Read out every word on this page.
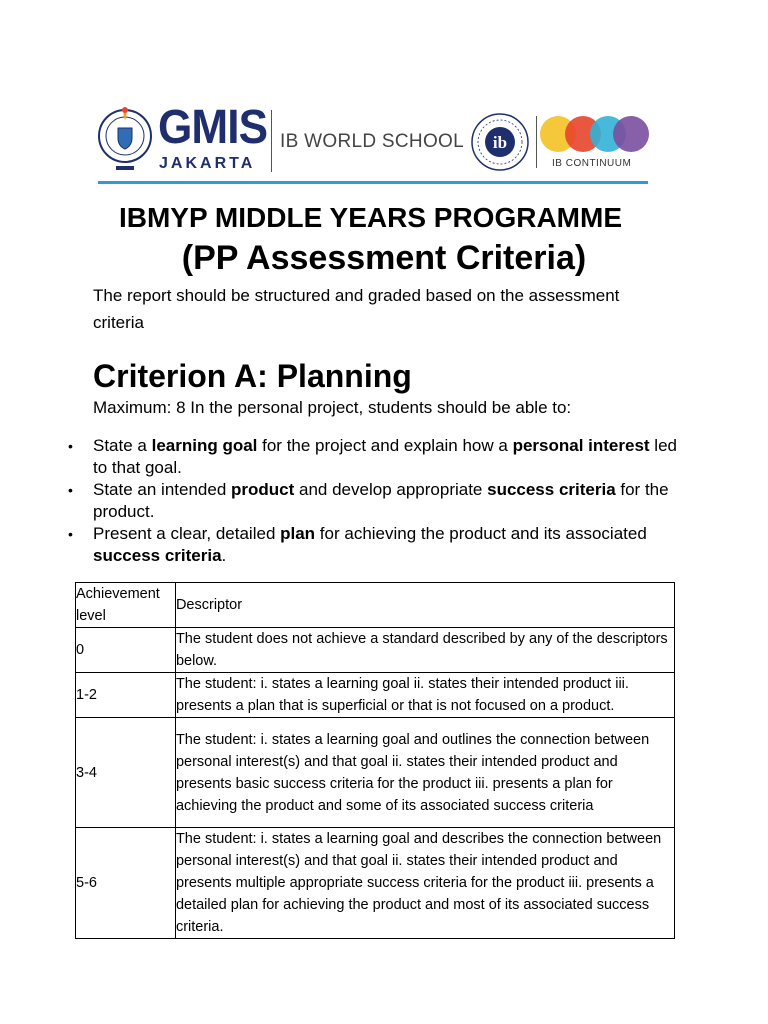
GMIS
JAKARTA
IB WORLD SCHOOL ib
IB CONTINUUM
IBMYP MIDDLE YEARS PROGRAMME
(PP Assessment Criteria)
The report should be structured and graded based on the assessment criteria
Criterion A: Planning
Maximum: 8 In the personal project, students should be able to:
• State a learning goal for the project and explain how a personal interest led to that goal.
• State an intended product and develop appropriate success criteria for the product.
• Present a clear, detailed plan for achieving the product and its associated success criteria.
Achievement level	Descriptor
0	The student does not achieve a standard described by any of the descriptors below.
1-2	The student: i. states a learning goal ii. states their intended product iii. presents a plan that is superficial or that is not focused on a product.
3-4	The student: i. states a learning goal and outlines the connection between personal interest(s) and that goal ii. states their intended product and presents basic success criteria for the product iii. presents a plan for achieving the product and some of its associated success criteria
5-6	The student: i. states a learning goal and describes the connection between personal interest(s) and that goal ii. states their intended product and presents multiple appropriate success criteria for the product iii. presents a detailed plan for achieving the product and most of its associated success criteria.
